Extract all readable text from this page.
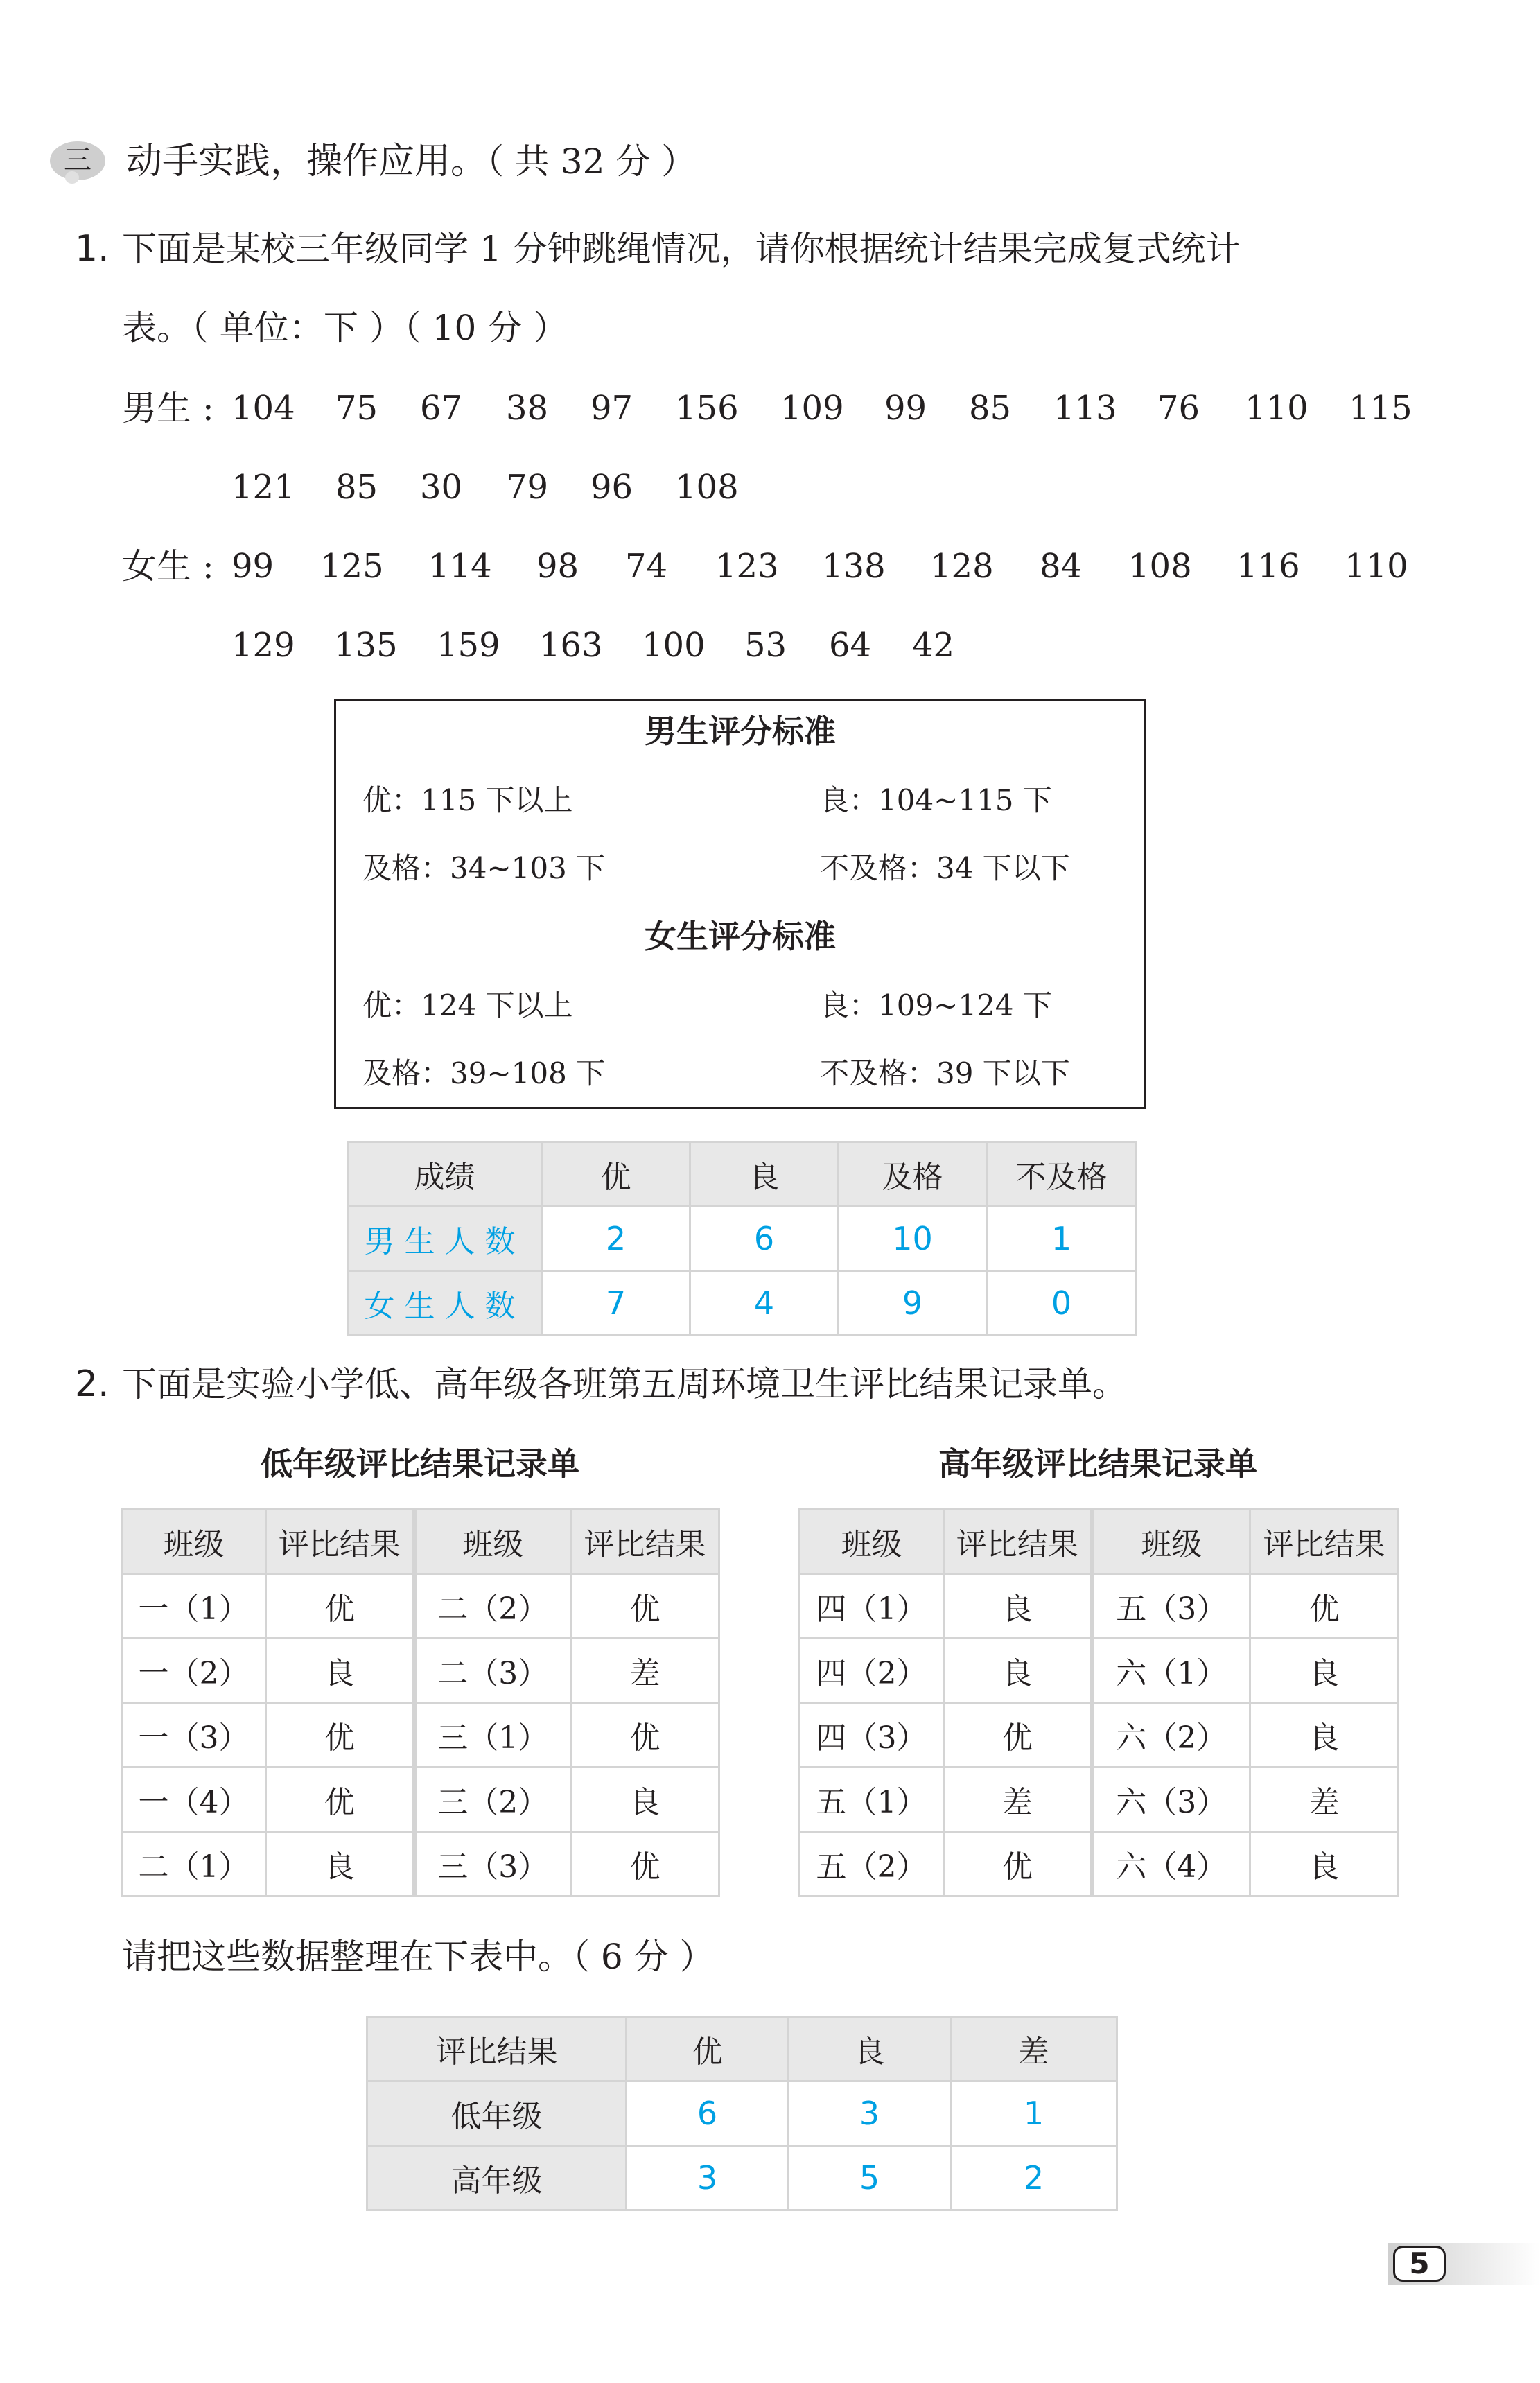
三 动手实践，操作应用。（ 共 32 分 ）
1. 下面是某校三年级同学 1 分钟跳绳情况，请你根据统计结果完成复式统计
表。（ 单位：下 ）（ 10 分 ）
男生 : 104 75 67 38 97 156 109 99 85 113 76 110 115
121 85 30 79 96 108
女生 : 99 125 114 98 74 123 138 128 84 108 116 110
129 135 159 163 100 53 64 42
男生评分标准
优：115 下以上	良：104~115 下
及格：34~103 下	不及格：34 下以下
女生评分标准
优：124 下以上	良：109~124 下
及格：39~108 下	不及格：39 下以下
成绩	优	良	及格	不及格
男生人数	2	6	10	1
女生人数	7	4	9	0
2. 下面是实验小学低、高年级各班第五周环境卫生评比结果记录单。
低年级评比结果记录单	高年级评比结果记录单
班级	评比结果	班级	评比结果
一（1）	优	二（2）	优
一（2）	良	二（3）	差
一（3）	优	三（1）	优
一（4）	优	三（2）	良
二（1）	良	三（3）	优
班级	评比结果	班级	评比结果
四（1）	良	五（3）	优
四（2）	良	六（1）	良
四（3）	优	六（2）	良
五（1）	差	六（3）	差
五（2）	优	六（4）	良
请把这些数据整理在下表中。（ 6 分 ）
评比结果	优	良	差
低年级	6	3	1
高年级	3	5	2
5
